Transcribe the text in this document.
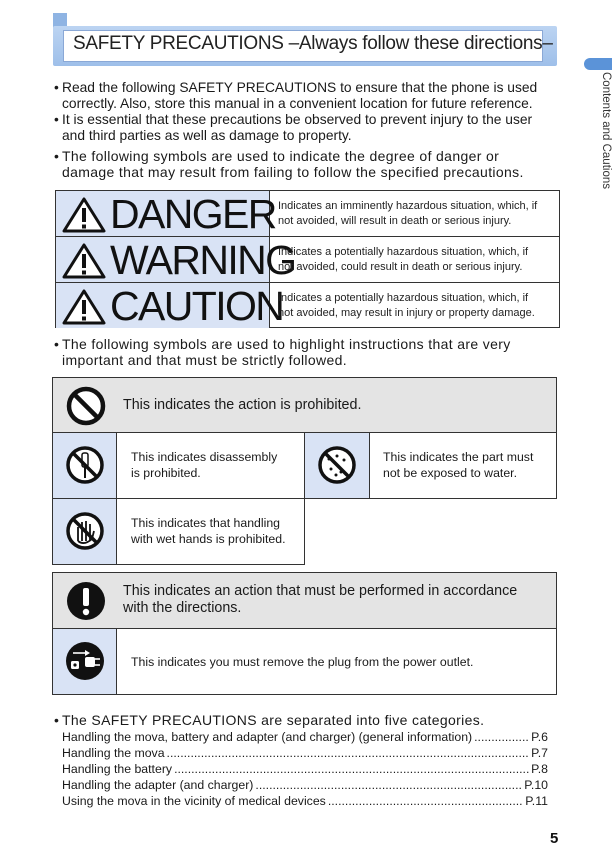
SAFETY PRECAUTIONS –Always follow these directions–
Contents and Cautions
• Read the following SAFETY PRECAUTIONS to ensure that the phone is used
correctly. Also, store this manual in a convenient location for future reference.
• It is essential that these precautions be observed to prevent injury to the user
and third parties as well as damage to property.
• The following symbols are used to indicate the degree of danger or
damage that may result from failing to follow the specified precautions.
DANGER Indicates an imminently hazardous situation, which, if
not avoided, will result in death or serious injury.
WARNING
Indicates a potentially hazardous situation, which, if
not avoided, could result in death or serious injury.
CAUTION
Indicates a potentially hazardous situation, which, if
not avoided, may result in injury or property damage.
• The following symbols are used to highlight instructions that are very
important and that must be strictly followed.
This indicates the action is prohibited.
This indicates disassembly
is prohibited.
This indicates the part must
not be exposed to water.
This indicates that handling
with wet hands is prohibited.
This indicates an action that must be performed in accordance
with the directions.
This indicates you must remove the plug from the power outlet.
• The SAFETY PRECAUTIONS are separated into five categories.
Handling the mova, battery and adapter (and charger) (general information) .....	P.6
Handling the mova .....	P.7
Handling the battery .....	P.8
Handling the adapter (and charger) .....	P.10
Using the mova in the vicinity of medical devices .....	P.11
5
